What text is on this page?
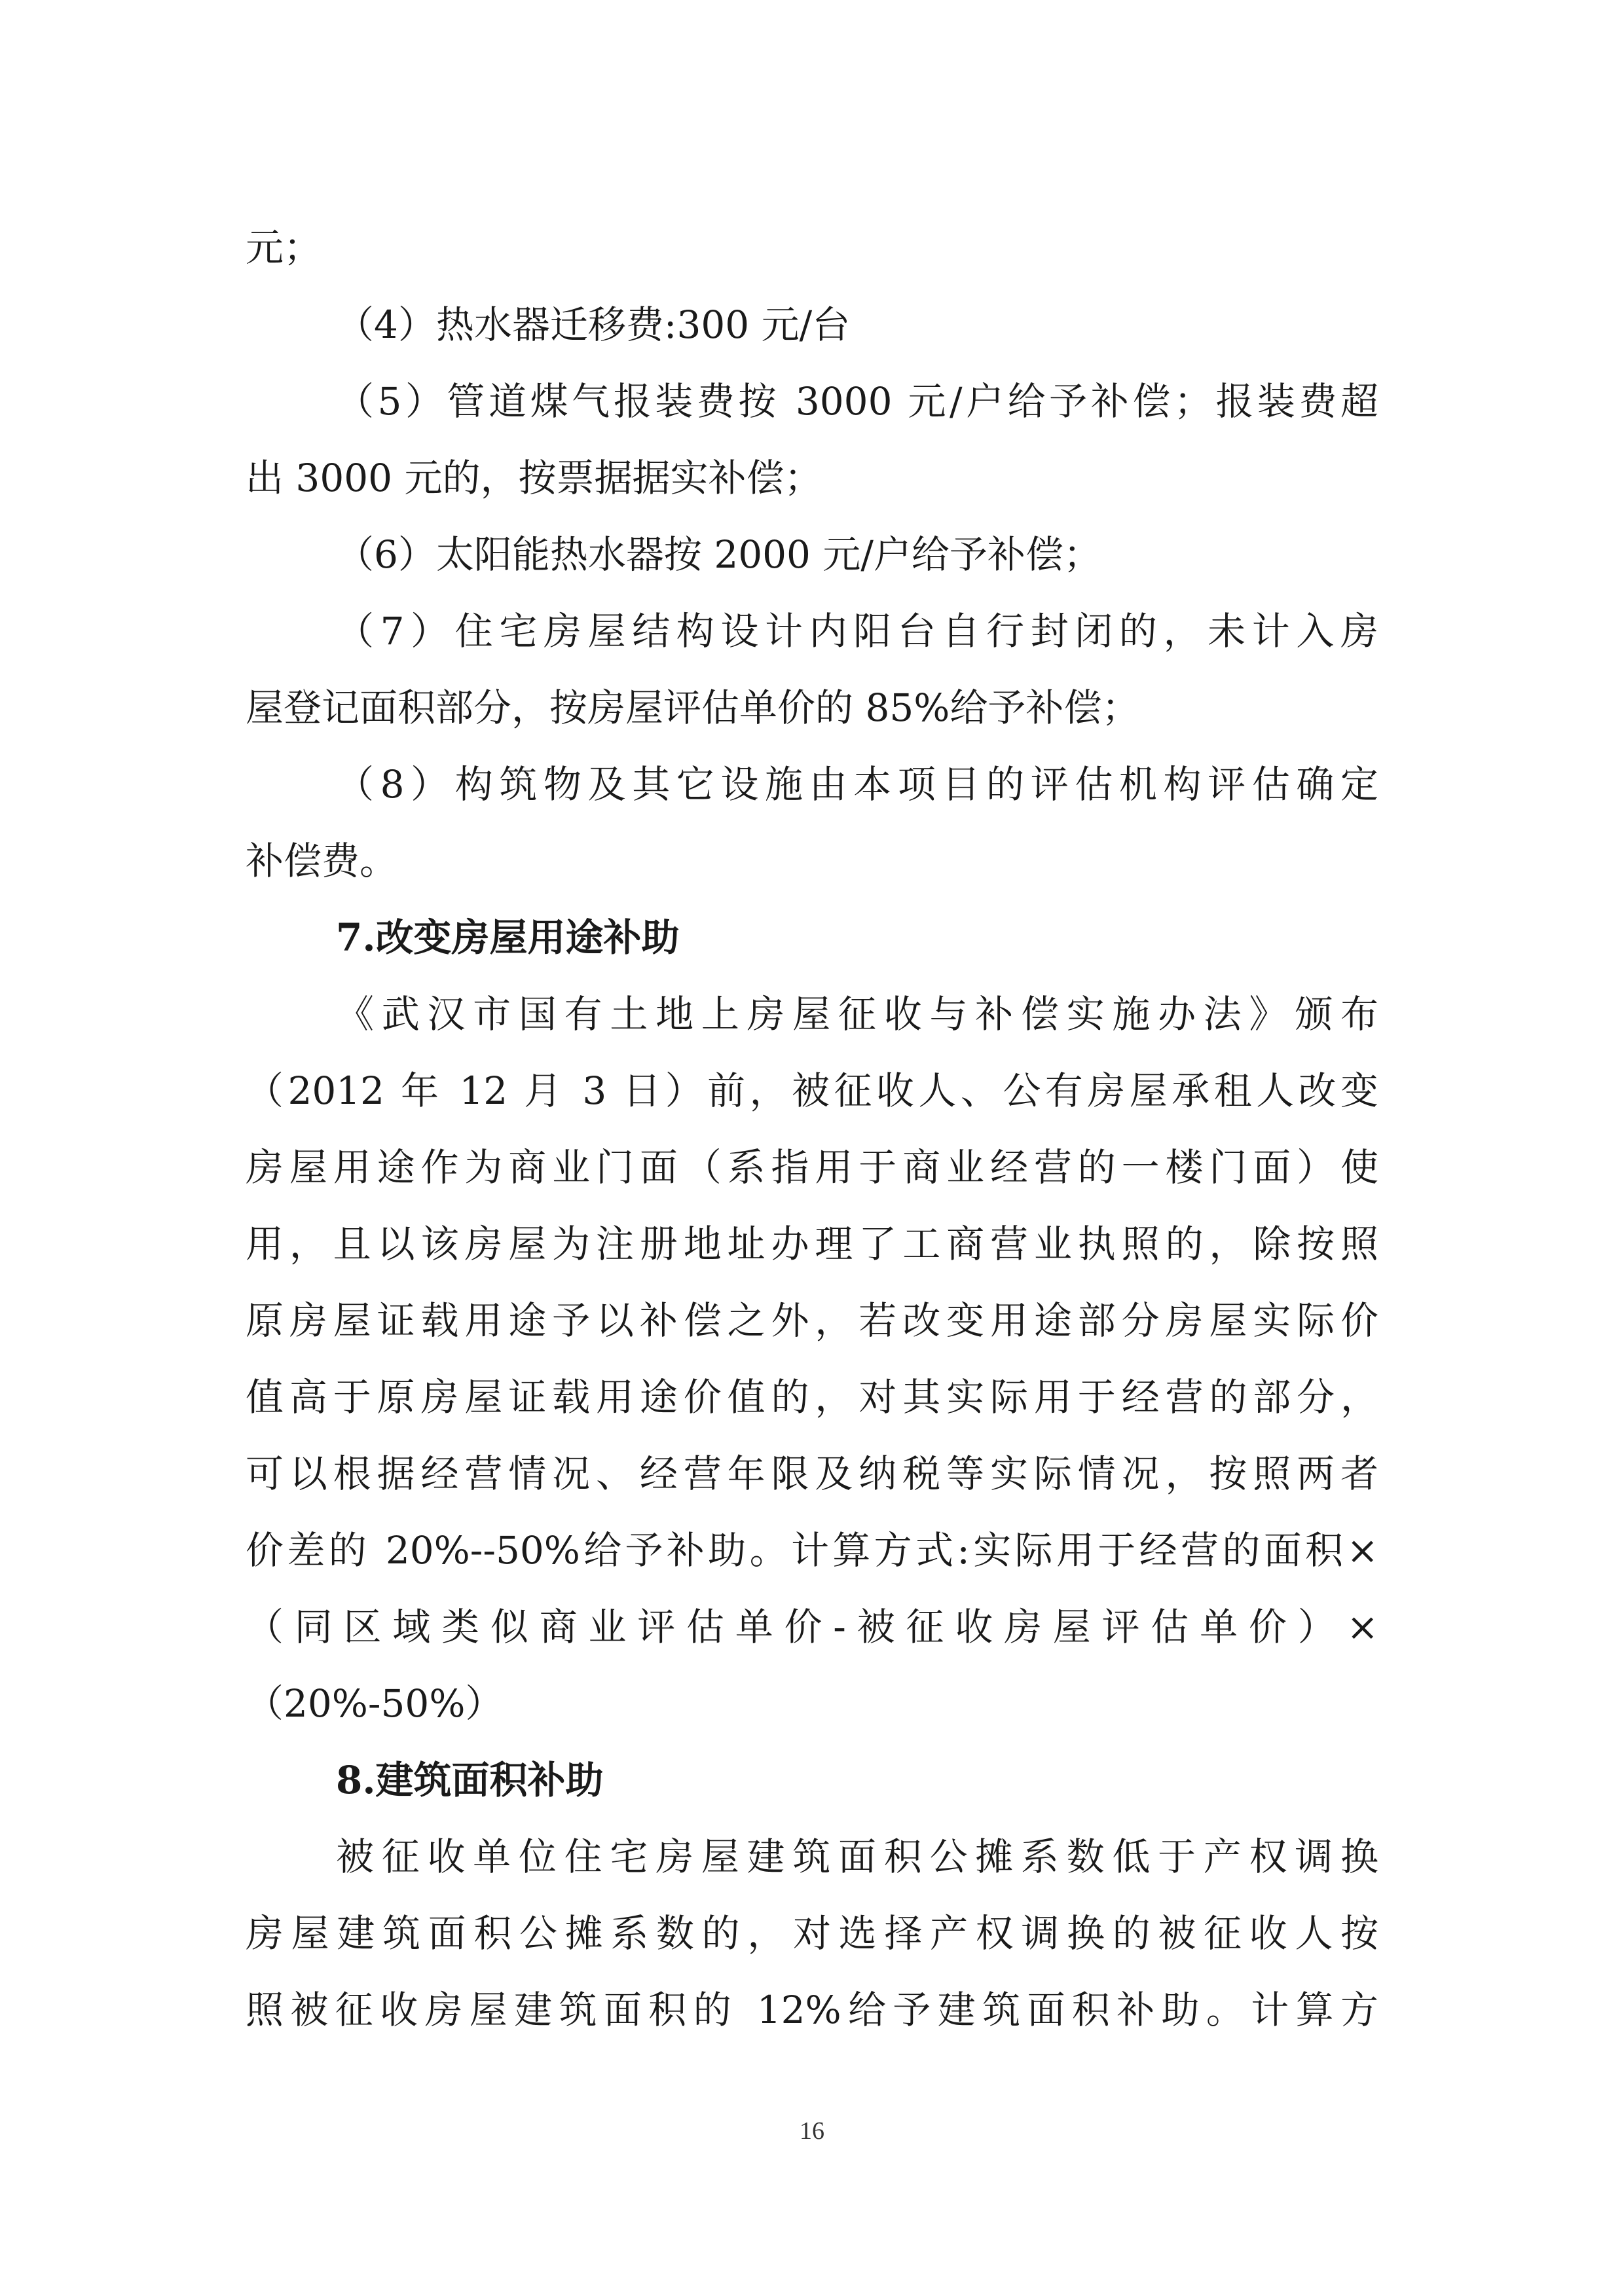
元；
（4）热水器迁移费:300 元/台
（5）管道煤气报装费按 3000 元/户给予补偿；报装费超
出 3000 元的，按票据据实补偿；
（6）太阳能热水器按 2000 元/户给予补偿；
（7）住宅房屋结构设计内阳台自行封闭的，未计入房
屋登记面积部分，按房屋评估单价的 85%给予补偿；
（8）构筑物及其它设施由本项目的评估机构评估确定
补偿费。
7.改变房屋用途补助
《武汉市国有土地上房屋征收与补偿实施办法》颁布
（2012 年 12 月 3 日）前，被征收人、公有房屋承租人改变
房屋用途作为商业门面（系指用于商业经营的一楼门面）使
用，且以该房屋为注册地址办理了工商营业执照的，除按照
原房屋证载用途予以补偿之外，若改变用途部分房屋实际价
值高于原房屋证载用途价值的，对其实际用于经营的部分，
可以根据经营情况、经营年限及纳税等实际情况，按照两者
价差的 20%--50%给予补助。计算方式:实际用于经营的面积×
（同区域类似商业评估单价-被征收房屋评估单价）×
（20%-50%）
8.建筑面积补助
被征收单位住宅房屋建筑面积公摊系数低于产权调换
房屋建筑面积公摊系数的，对选择产权调换的被征收人按
照被征收房屋建筑面积的 12%给予建筑面积补助。计算方
16
